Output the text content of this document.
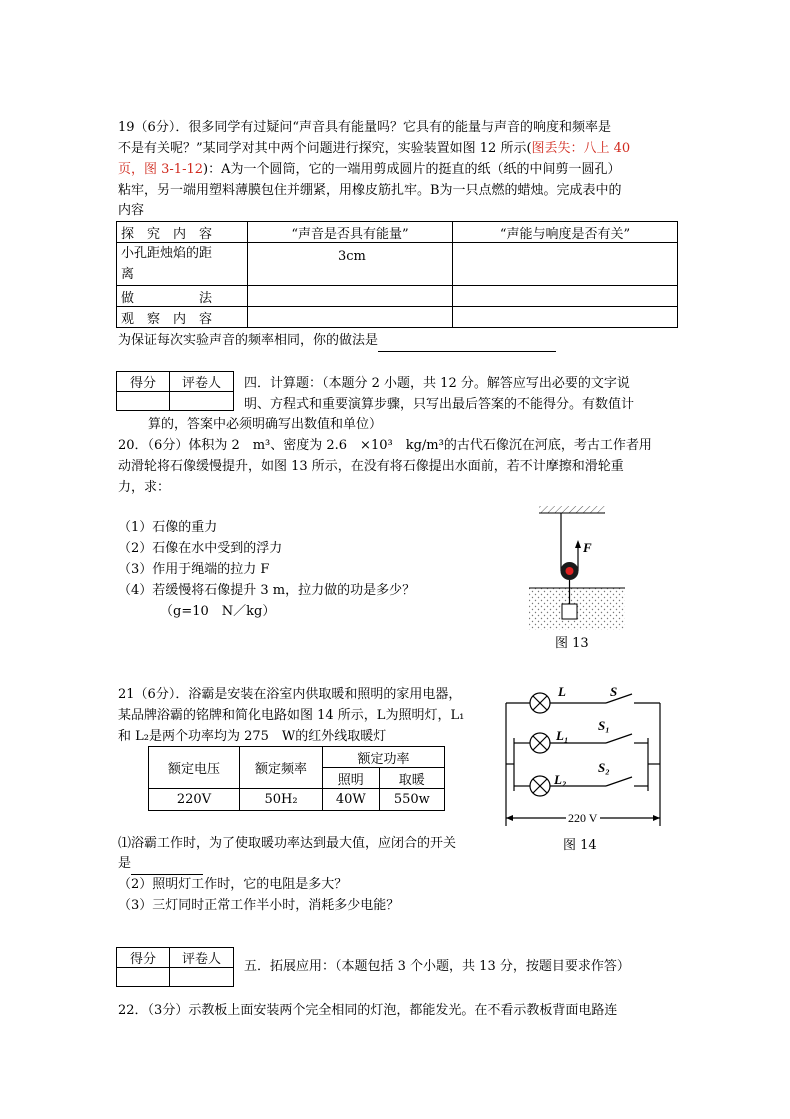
19（6分）．很多同学有过疑问“声音具有能量吗？它具有的能量与声音的响度和频率是
不是有关呢？”某同学对其中两个问题进行探究，实验装置如图 12 所示(图丢失：八上 40
页，图 3-1-12)：A为一个圆筒，它的一端用剪成圆片的挺直的纸（纸的中间剪一圆孔）
粘牢，另一端用塑料薄膜包住并绷紧，用橡皮筋扎牢。B为一只点燃的蜡烛。完成表中的
内容
探　究　内　容	“声音是否具有能量”	“声能与响度是否有关”

小孔距烛焰的距
离	3cm	
做　　　　　法		
观　察　内　容		
为保证每次实验声音的频率相同，你的做法是
得分	评卷人
	四．计算题：（本题分 2 小题，共 12 分。解答应写出必要的文字说
明、方程式和重要演算步骤，只写出最后答案的不能得分。有数值计
算的，答案中必须明确写出数值和单位）
20．（6分）体积为 2　m³、密度为 2.6　×10³　kg/m³的古代石像沉在河底，考古工作者用
动滑轮将石像缓慢提升，如图 13 所示，在没有将石像提出水面前，若不计摩擦和滑轮重
力，求：
（1）石像的重力
（2）石像在水中受到的浮力
（3）作用于绳端的拉力 F
（4）若缓慢将石像提升 3 m，拉力做的功是多少？
（g=10　N／kg）
F
图 13
21（6分）．浴霸是安装在浴室内供取暖和照明的家用电器，
某品牌浴霸的铭牌和简化电路如图 14 所示，L为照明灯，L₁
和 L₂是两个功率均为 275　W的红外线取暖灯
额定电压	额定频率	额定功率	
		照明	取暖
220V	50H₂	40W	550w
⑴浴霸工作时，为了使取暖功率达到最大值，应闭合的开关
是
（2）照明灯工作时，它的电阻是多大？
（3）三灯同时正常工作半小时，消耗多少电能？
L	S
L₁
S₁
L₂
S₂
220 V
图 14
得分	评卷人
	五．拓展应用：（本题包括 3 个小题，共 13 分，按题目要求作答）
22．（3分）示教板上面安装两个完全相同的灯泡，都能发光。在不看示教板背面电路连
